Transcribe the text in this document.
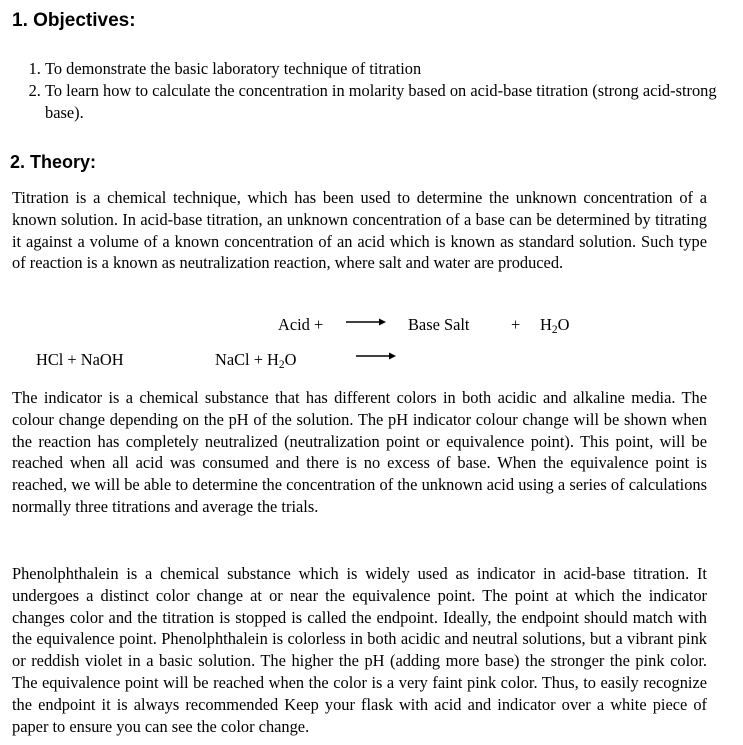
1. Objectives:
1. To demonstrate the basic laboratory technique of titration
2. To learn how to calculate the concentration in molarity based on acid-base titration (strong acid-strong base).
2. Theory:

Titration is a chemical technique, which has been used to determine the unknown concentration of a known solution. In acid-base titration, an unknown concentration of a base can be determined by titrating it against a volume of a known concentration of an acid which is known as standard solution. Such type of reaction is a known as neutralization reaction, where salt and water are produced.

Acid +	Base Salt	+ $H_2O$
HCl + NaOH	NaCl + $H_2O$

The indicator is a chemical substance that has different colors in both acidic and alkaline media. The colour change depending on the pH of the solution. The pH indicator colour change will be shown when the reaction has completely neutralized (neutralization point or equivalence point). This point, will be reached when all acid was consumed and there is no excess of base. When the equivalence point is reached, we will be able to determine the concentration of the unknown acid using a series of calculations normally three titrations and average the trials.

Phenolphthalein is a chemical substance which is widely used as indicator in acid-base titration. It undergoes a distinct color change at or near the equivalence point. The point at which the indicator changes color and the titration is stopped is called the endpoint. Ideally, the endpoint should match with the equivalence point. Phenolphthalein is colorless in both acidic and neutral solutions, but a vibrant pink or reddish violet in a basic solution. The higher the pH (adding more base) the stronger the pink color. The equivalence point will be reached when the color is a very faint pink color. Thus, to easily recognize the endpoint it is always recommended Keep your flask with acid and indicator over a white piece of paper to ensure you can see the color change.
